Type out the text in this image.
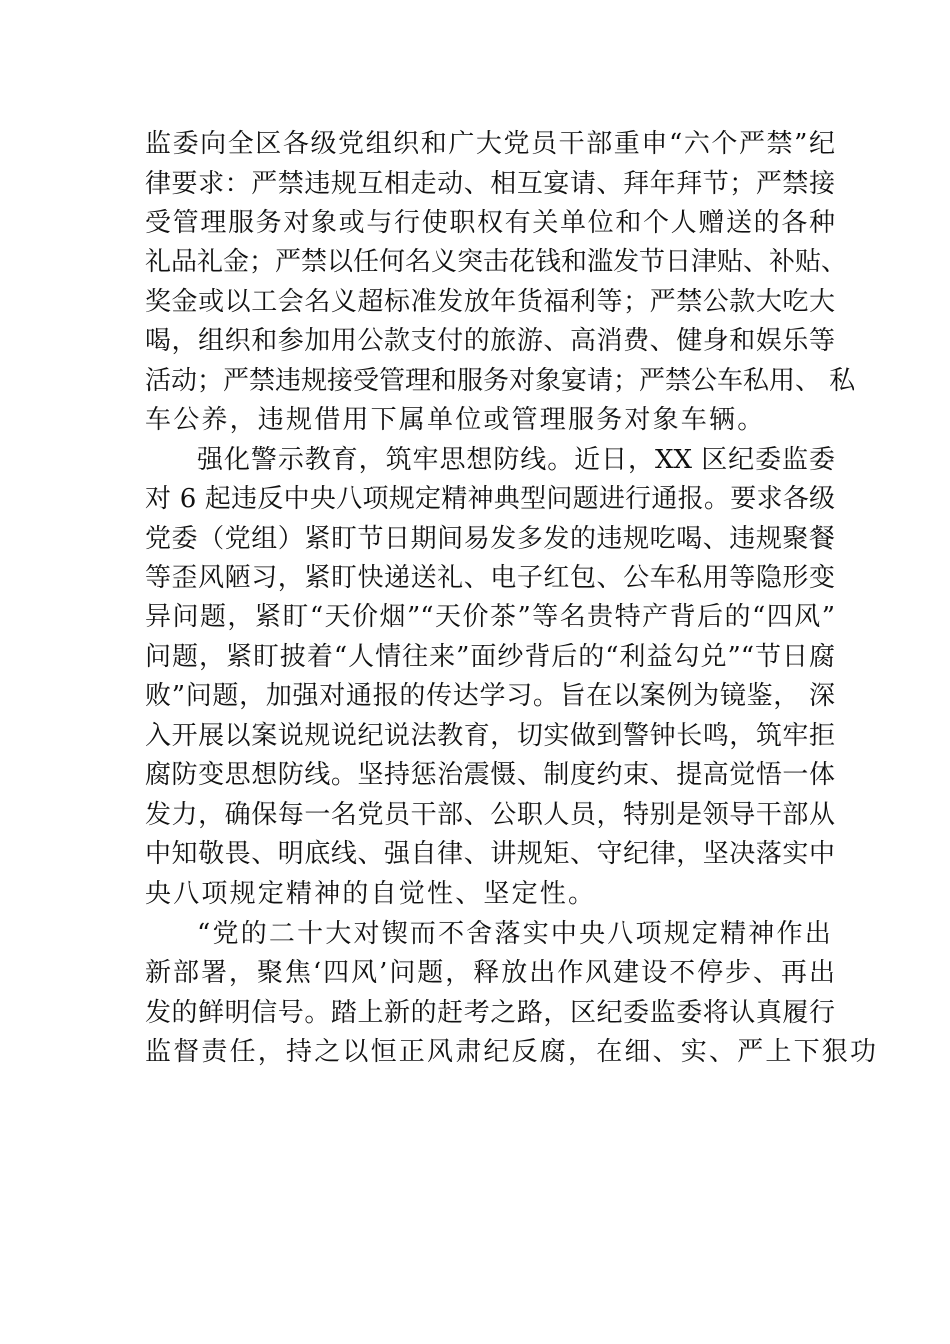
监委向全区各级党组织和广大党员干部重申“六个严禁”纪
律要求：严禁违规互相走动、相互宴请、拜年拜节；严禁接
受管理服务对象或与行使职权有关单位和个人赠送的各种
礼品礼金；严禁以任何名义突击花钱和滥发节日津贴、补贴、
奖金或以工会名义超标准发放年货福利等；严禁公款大吃大
喝，组织和参加用公款支付的旅游、高消费、健身和娱乐等
活动；严禁违规接受管理和服务对象宴请；严禁公车私用、 私
车公养，违规借用下属单位或管理服务对象车辆。
强化警示教育，筑牢思想防线。近日，XX 区纪委监委
对 6 起违反中央八项规定精神典型问题进行通报。要求各级
党委（党组）紧盯节日期间易发多发的违规吃喝、违规聚餐
等歪风陋习，紧盯快递送礼、电子红包、公车私用等隐形变
异问题，紧盯“天价烟”“天价茶”等名贵特产背后的“四风”
问题，紧盯披着“人情往来”面纱背后的“利益勾兑”“节日腐
败”问题，加强对通报的传达学习。旨在以案例为镜鉴， 深
入开展以案说规说纪说法教育，切实做到警钟长鸣，筑牢拒
腐防变思想防线。坚持惩治震慑、制度约束、提高觉悟一体
发力，确保每一名党员干部、公职人员，特别是领导干部从
中知敬畏、明底线、强自律、讲规矩、守纪律，坚决落实中
央八项规定精神的自觉性、坚定性。
“党的二十大对锲而不舍落实中央八项规定精神作出
新部署，聚焦‘四风’问题，释放出作风建设不停步、再出
发的鲜明信号。踏上新的赶考之路，区纪委监委将认真履行
监督责任，持之以恒正风肃纪反腐，在细、实、严上下狠功
